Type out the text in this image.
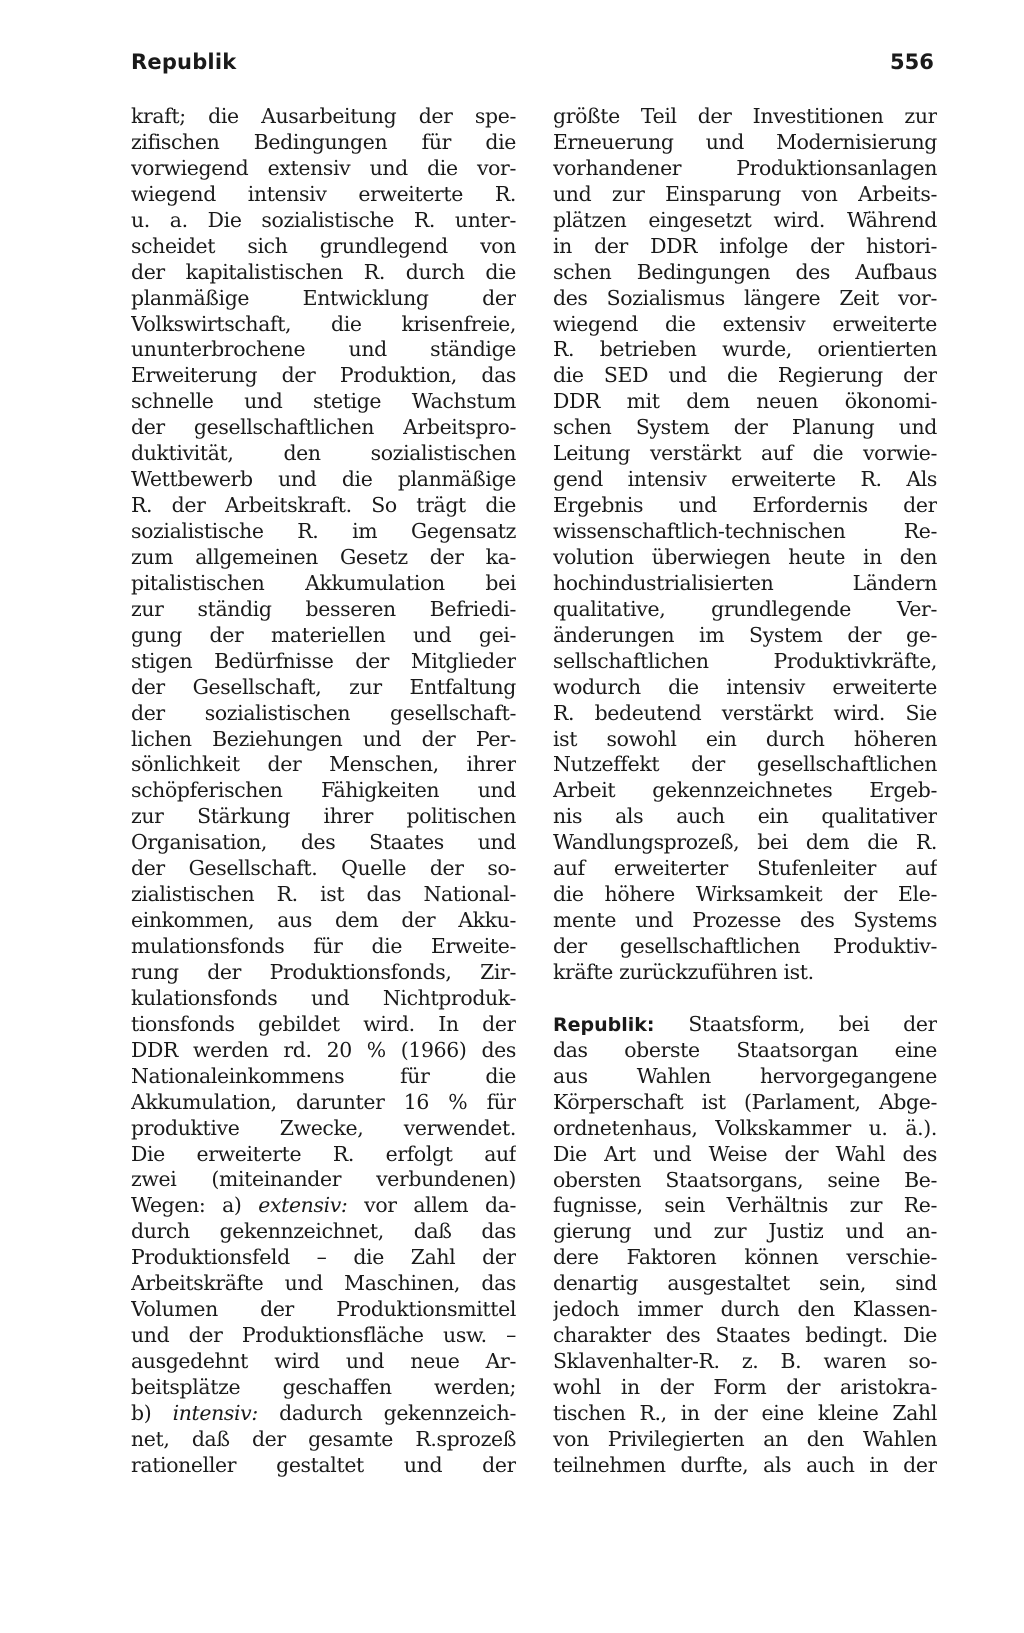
Republik	556
kraft; die Ausarbeitung der spe-
zifischen Bedingungen für die
vorwiegend extensiv und die vor-
wiegend intensiv erweiterte R.
u. a. Die sozialistische R. unter-
scheidet sich grundlegend von
der kapitalistischen R. durch die
planmäßige Entwicklung der
Volkswirtschaft, die krisenfreie,
ununterbrochene und ständige
Erweiterung der Produktion, das
schnelle und stetige Wachstum
der gesellschaftlichen Arbeitspro-
duktivität, den sozialistischen
Wettbewerb und die planmäßige
R. der Arbeitskraft. So trägt die
sozialistische R. im Gegensatz
zum allgemeinen Gesetz der ka-
pitalistischen Akkumulation bei
zur ständig besseren Befriedi-
gung der materiellen und gei-
stigen Bedürfnisse der Mitglieder
der Gesellschaft, zur Entfaltung
der sozialistischen gesellschaft-
lichen Beziehungen und der Per-
sönlichkeit der Menschen, ihrer
schöpferischen Fähigkeiten und
zur Stärkung ihrer politischen
Organisation, des Staates und
der Gesellschaft. Quelle der so-
zialistischen R. ist das National-
einkommen, aus dem der Akku-
mulationsfonds für die Erweite-
rung der Produktionsfonds, Zir-
kulationsfonds und Nichtproduk-
tionsfonds gebildet wird. In der
DDR werden rd. 20 % (1966) des
Nationaleinkommens für die
Akkumulation, darunter 16 % für
produktive Zwecke, verwendet.
Die erweiterte R. erfolgt auf
zwei (miteinander verbundenen)
Wegen: a) extensiv: vor allem da-
durch gekennzeichnet, daß das
Produktionsfeld – die Zahl der
Arbeitskräfte und Maschinen, das
Volumen der Produktionsmittel
und der Produktionsfläche usw. –
ausgedehnt wird und neue Ar-
beitsplätze geschaffen werden;
b) intensiv: dadurch gekennzeich-
net, daß der gesamte R.sprozeß
rationeller gestaltet und der
größte Teil der Investitionen zur
Erneuerung und Modernisierung
vorhandener Produktionsanlagen
und zur Einsparung von Arbeits-
plätzen eingesetzt wird. Während
in der DDR infolge der histori-
schen Bedingungen des Aufbaus
des Sozialismus längere Zeit vor-
wiegend die extensiv erweiterte
R. betrieben wurde, orientierten
die SED und die Regierung der
DDR mit dem neuen ökonomi-
schen System der Planung und
Leitung verstärkt auf die vorwie-
gend intensiv erweiterte R. Als
Ergebnis und Erfordernis der
wissenschaftlich-technischen Re-
volution überwiegen heute in den
hochindustrialisierten Ländern
qualitative, grundlegende Ver-
änderungen im System der ge-
sellschaftlichen Produktivkräfte,
wodurch die intensiv erweiterte
R. bedeutend verstärkt wird. Sie
ist sowohl ein durch höheren
Nutzeffekt der gesellschaftlichen
Arbeit gekennzeichnetes Ergeb-
nis als auch ein qualitativer
Wandlungsprozeß, bei dem die R.
auf erweiterter Stufenleiter auf
die höhere Wirksamkeit der Ele-
mente und Prozesse des Systems
der gesellschaftlichen Produktiv-
kräfte zurückzuführen ist.
Republik: Staatsform, bei der
das oberste Staatsorgan eine
aus Wahlen hervorgegangene
Körperschaft ist (Parlament, Abge-
ordnetenhaus, Volkskammer u. ä.).
Die Art und Weise der Wahl des
obersten Staatsorgans, seine Be-
fugnisse, sein Verhältnis zur Re-
gierung und zur Justiz und an-
dere Faktoren können verschie-
denartig ausgestaltet sein, sind
jedoch immer durch den Klassen-
charakter des Staates bedingt. Die
Sklavenhalter-R. z. B. waren so-
wohl in der Form der aristokra-
tischen R., in der eine kleine Zahl
von Privilegierten an den Wahlen
teilnehmen durfte, als auch in der
